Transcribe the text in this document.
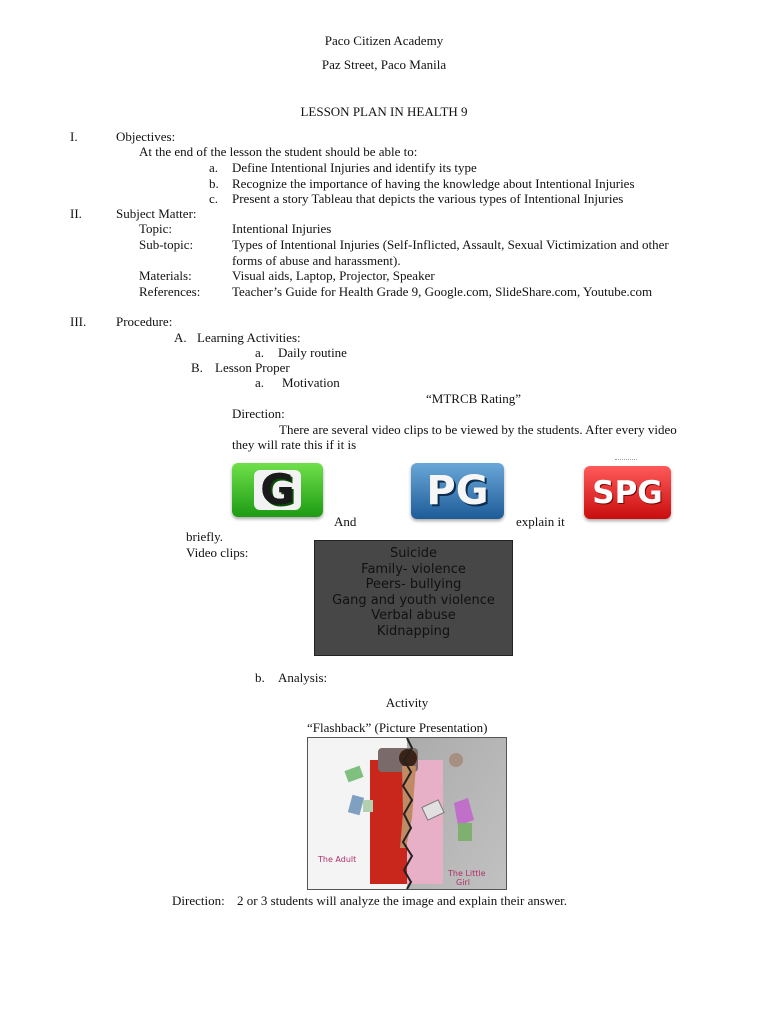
Paco Citizen Academy
Paz Street, Paco Manila
LESSON PLAN IN HEALTH 9
I.	Objectives:
At the end of the lesson the student should be able to:
a. Define Intentional Injuries and identify its type
b. Recognize the importance of having the knowledge about Intentional Injuries
c. Present a story Tableau that depicts the various types of Intentional Injuries
II.	Subject Matter:
Topic:	Intentional Injuries
Sub-topic:	Types of Intentional Injuries (Self-Inflicted, Assault, Sexual Victimization and other
forms of abuse and harassment).
Materials:	Visual aids, Laptop, Projector, Speaker
References: Teacher’s Guide for Health Grade 9, Google.com, SlideShare.com, Youtube.com
III. Procedure:
A. Learning Activities:
a. Daily routine
B. Lesson Proper
a. Motivation
“MTRCB Rating”
Direction:
There are several video clips to be viewed by the students. After every video
they will rate this if it is
G	PG	SPG
And	explain it
briefly.
Video clips:	Suicide
Family- violence
Peers- bullying
Gang and youth violence
Verbal abuse
Kidnapping
b. Analysis:
Activity
“Flashback” (Picture Presentation)
The Adult
The Little
Girl
Direction: 2 or 3 students will analyze the image and explain their answer.
